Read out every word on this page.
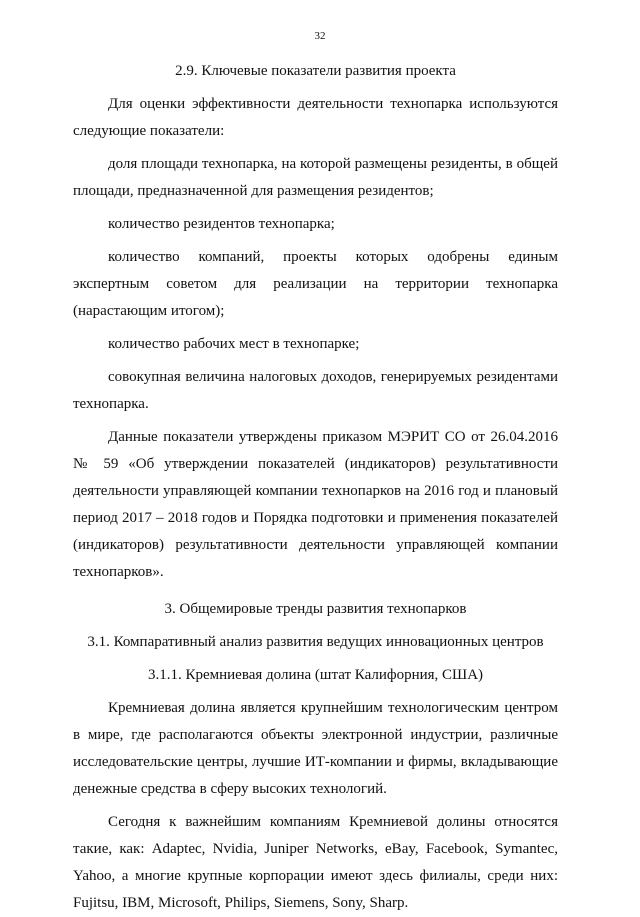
32

2.9. Ключевые показатели развития проекта

Для оценки эффективности деятельности технопарка используются следующие показатели:

доля площади технопарка, на которой размещены резиденты, в общей площади, предназначенной для размещения резидентов;

количество резидентов технопарка;

количество компаний, проекты которых одобрены единым экспертным советом для реализации на территории технопарка (нарастающим итогом);

количество рабочих мест в технопарке;

совокупная величина налоговых доходов, генерируемых резидентами технопарка.

Данные показатели утверждены приказом МЭРИТ СО от 26.04.2016 № 59 «Об утверждении показателей (индикаторов) результативности деятельности управляющей компании технопарков на 2016 год и плановый период 2017 – 2018 годов и Порядка подготовки и применения показателей (индикаторов) результативности деятельности управляющей компании технопарков».

3. Общемировые тренды развития технопарков

3.1. Компаративный анализ развития ведущих инновационных центров

3.1.1. Кремниевая долина (штат Калифорния, США)

Кремниевая долина является крупнейшим технологическим центром в мире, где располагаются объекты электронной индустрии, различные исследовательские центры, лучшие ИТ-компании и фирмы, вкладывающие денежные средства в сферу высоких технологий.

Сегодня к важнейшим компаниям Кремниевой долины относятся такие, как: Adaptec, Nvidia, Juniper Networks, eBay, Facebook, Symantec, Yahoo, а многие крупные корпорации имеют здесь филиалы, среди них: Fujitsu, IBM, Microsoft, Philips, Siemens, Sony, Sharp.
